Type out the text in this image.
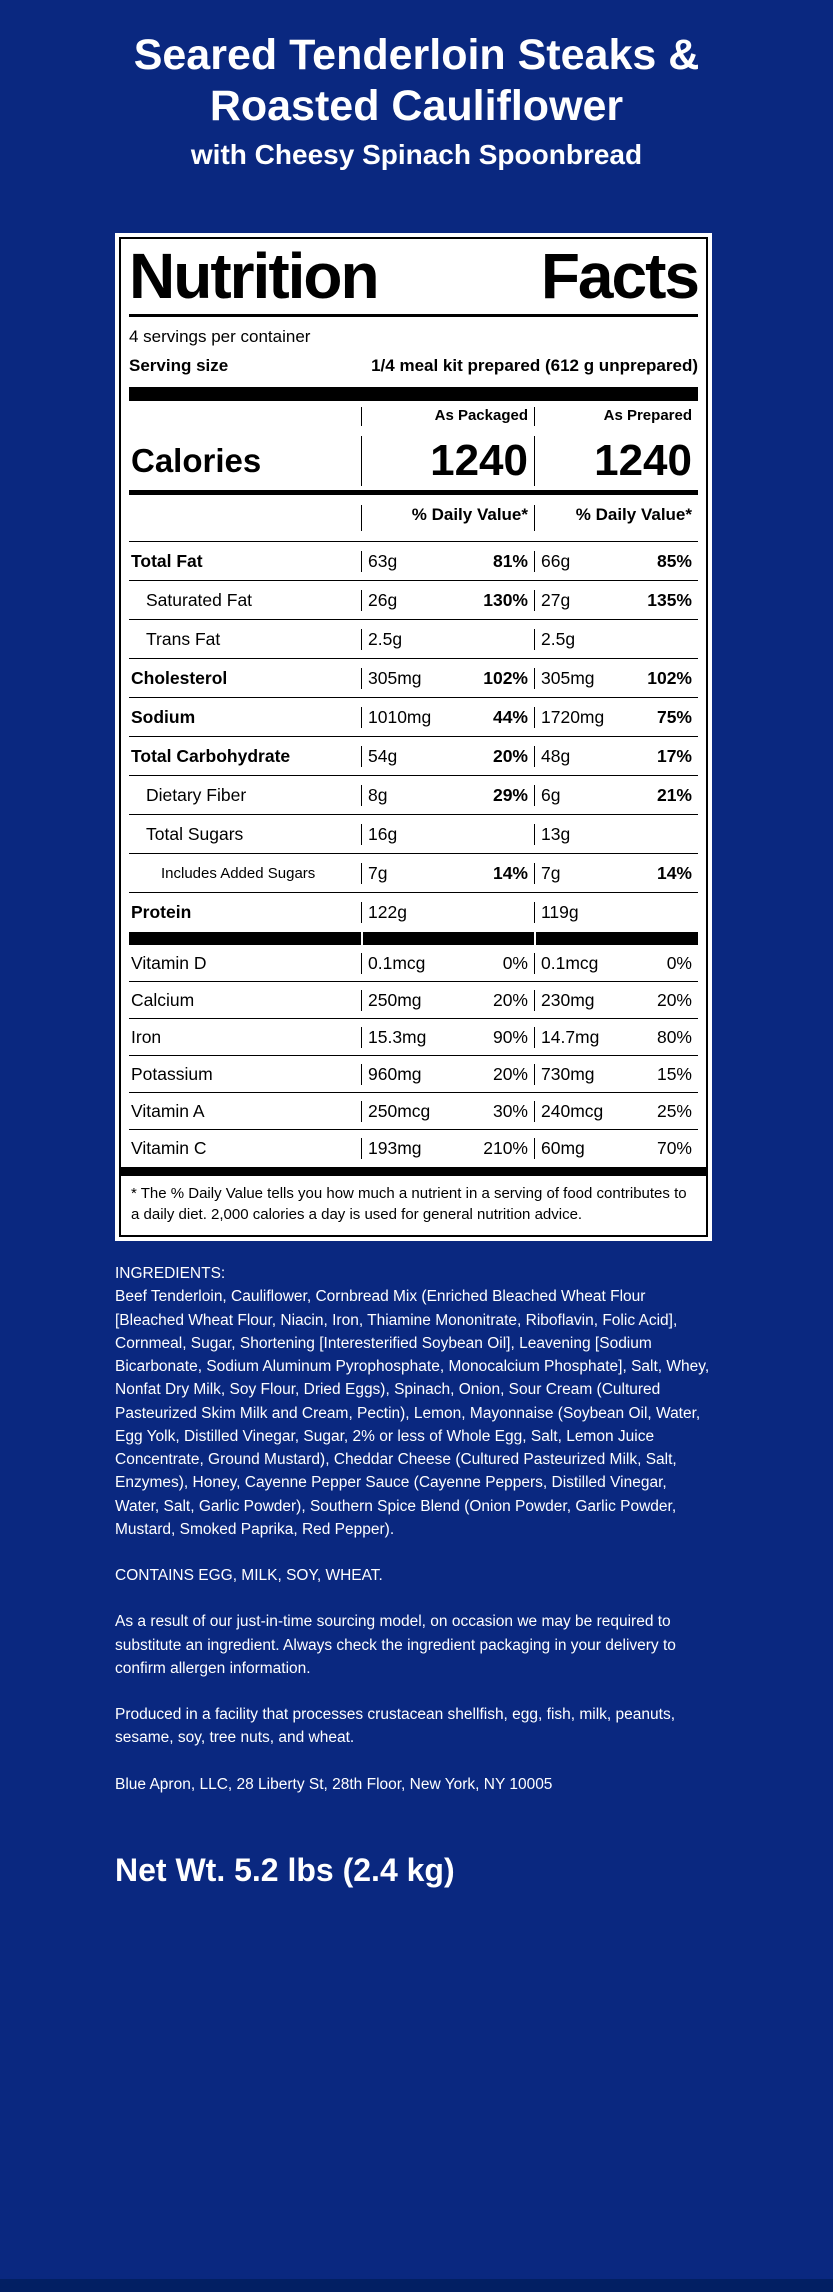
Seared Tenderloin Steaks &
Roasted Cauliflower
with Cheesy Spinach Spoonbread
Nutrition Facts
4 servings per container
Serving size	1/4 meal kit prepared (612 g unprepared)
As Packaged	As Prepared
Calories	1240 1240
% Daily Value*	% Daily Value*
Total Fat	63g	81% 66g	85%
Saturated Fat	26g	130% 27g	135%
Trans Fat	2.5g	2.5g
Cholesterol	305mg	102% 305mg	102%
Sodium	1010mg	44% 1720mg	75%
Total Carbohydrate	54g	20% 48g	17%
Dietary Fiber	8g	29% 6g	21%
Total Sugars	16g	13g
Includes Added Sugars	7g	14% 7g	14%
Protein	122g	119g
Vitamin D	0.1mcg	0% 0.1mcg	0%
Calcium	250mg	20% 230mg	20%
Iron	15.3mg	90% 14.7mg	80%
Potassium	960mg	20% 730mg	15%
Vitamin A	250mcg	30% 240mcg	25%
Vitamin C	193mg	210% 60mg	70%
* The % Daily Value tells you how much a nutrient in a serving of food contributes to a daily diet. 2,000 calories a day is used for general nutrition advice.

INGREDIENTS:

Beef Tenderloin, Cauliflower, Cornbread Mix (Enriched Bleached Wheat Flour [Bleached Wheat Flour, Niacin, Iron, Thiamine Mononitrate, Riboflavin, Folic Acid], Cornmeal, Sugar, Shortening [Interesterified Soybean Oil], Leavening [Sodium Bicarbonate, Sodium Aluminum Pyrophosphate, Monocalcium Phosphate], Salt, Whey, Nonfat Dry Milk, Soy Flour, Dried Eggs), Spinach, Onion, Sour Cream (Cultured Pasteurized Skim Milk and Cream, Pectin), Lemon, Mayonnaise (Soybean Oil, Water, Egg Yolk, Distilled Vinegar, Sugar, 2% or less of Whole Egg, Salt, Lemon Juice Concentrate, Ground Mustard), Cheddar Cheese (Cultured Pasteurized Milk, Salt, Enzymes), Honey, Cayenne Pepper Sauce (Cayenne Peppers, Distilled Vinegar, Water, Salt, Garlic Powder), Southern Spice Blend (Onion Powder, Garlic Powder, Mustard, Smoked Paprika, Red Pepper).

CONTAINS EGG, MILK, SOY, WHEAT.

As a result of our just-in-time sourcing model, on occasion we may be required to substitute an ingredient. Always check the ingredient packaging in your delivery to confirm allergen information.

Produced in a facility that processes crustacean shellfish, egg, fish, milk, peanuts, sesame, soy, tree nuts, and wheat.

Blue Apron, LLC, 28 Liberty St, 28th Floor, New York, NY 10005

Net Wt. 5.2 lbs (2.4 kg)
